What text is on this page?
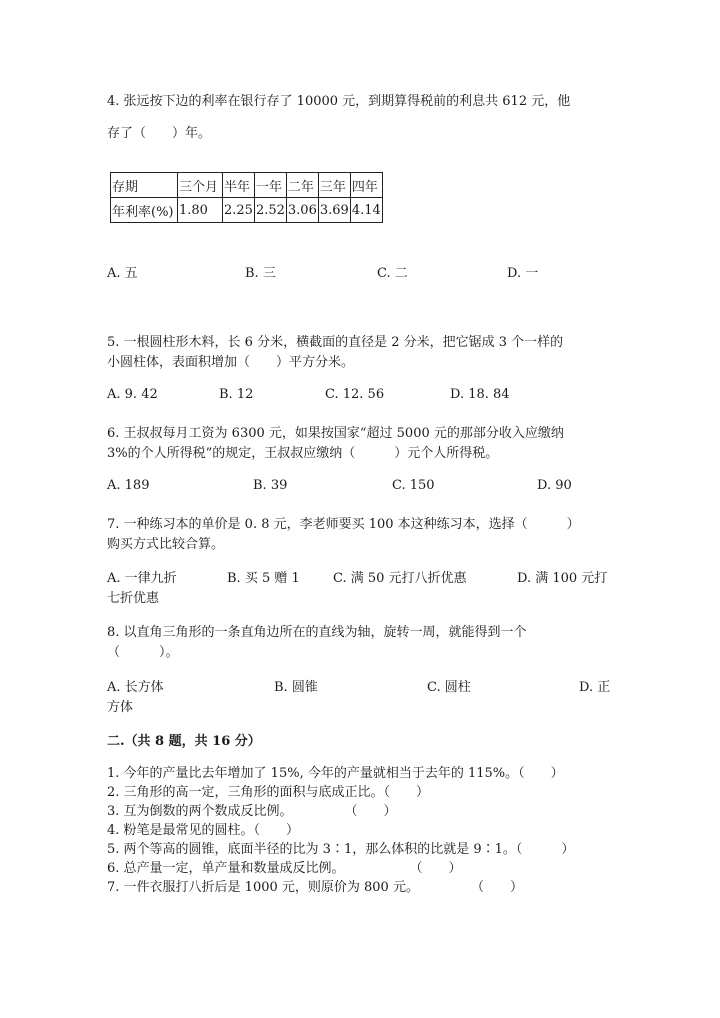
4. 张远按下边的利率在银行存了 10000 元，到期算得税前的利息共 612 元，他
存了（　　）年。
存期	三个月	半年	一年	二年	三年	四年
年利率(%)	1.80	2.25	2.52	3.06	3.69	4.14
A. 五	B. 三	C. 二	D. 一
5. 一根圆柱形木料，长 6 分米，横截面的直径是 2 分米，把它锯成 3 个一样的
小圆柱体，表面积增加（　　）平方分米。
A. 9. 42	B. 12	C. 12. 56	D. 18. 84
6. 王叔叔每月工资为 6300 元，如果按国家“超过 5000 元的那部分收入应缴纳
3%的个人所得税”的规定，王叔叔应缴纳（　　　）元个人所得税。
A. 189	B. 39	C. 150	D. 90
7. 一种练习本的单价是 0. 8 元，李老师要买 100 本这种练习本，选择（　　　）
购买方式比较合算。
A. 一律九折	B. 买 5 赠 1	C. 满 50 元打八折优惠	D. 满 100 元打
七折优惠
8. 以直角三角形的一条直角边所在的直线为轴，旋转一周，就能得到一个
（　　　）。
A. 长方体	B. 圆锥	C. 圆柱	D. 正
方体
二.（共 8 题，共 16 分）
1. 今年的产量比去年增加了 15%, 今年的产量就相当于去年的 115%。（　　）
2. 三角形的高一定，三角形的面积与底成正比。（　　）
3. 互为倒数的两个数成反比例。　　　　　（　　）
4. 粉笔是最常见的圆柱。（　　）
5. 两个等高的圆锥，底面半径的比为 3∶1，那么体积的比就是 9∶1。（　　　）
6. 总产量一定，单产量和数量成反比例。　　　　　　（　　）
7. 一件衣服打八折后是 1000 元，则原价为 800 元。　　　　　（　　）
